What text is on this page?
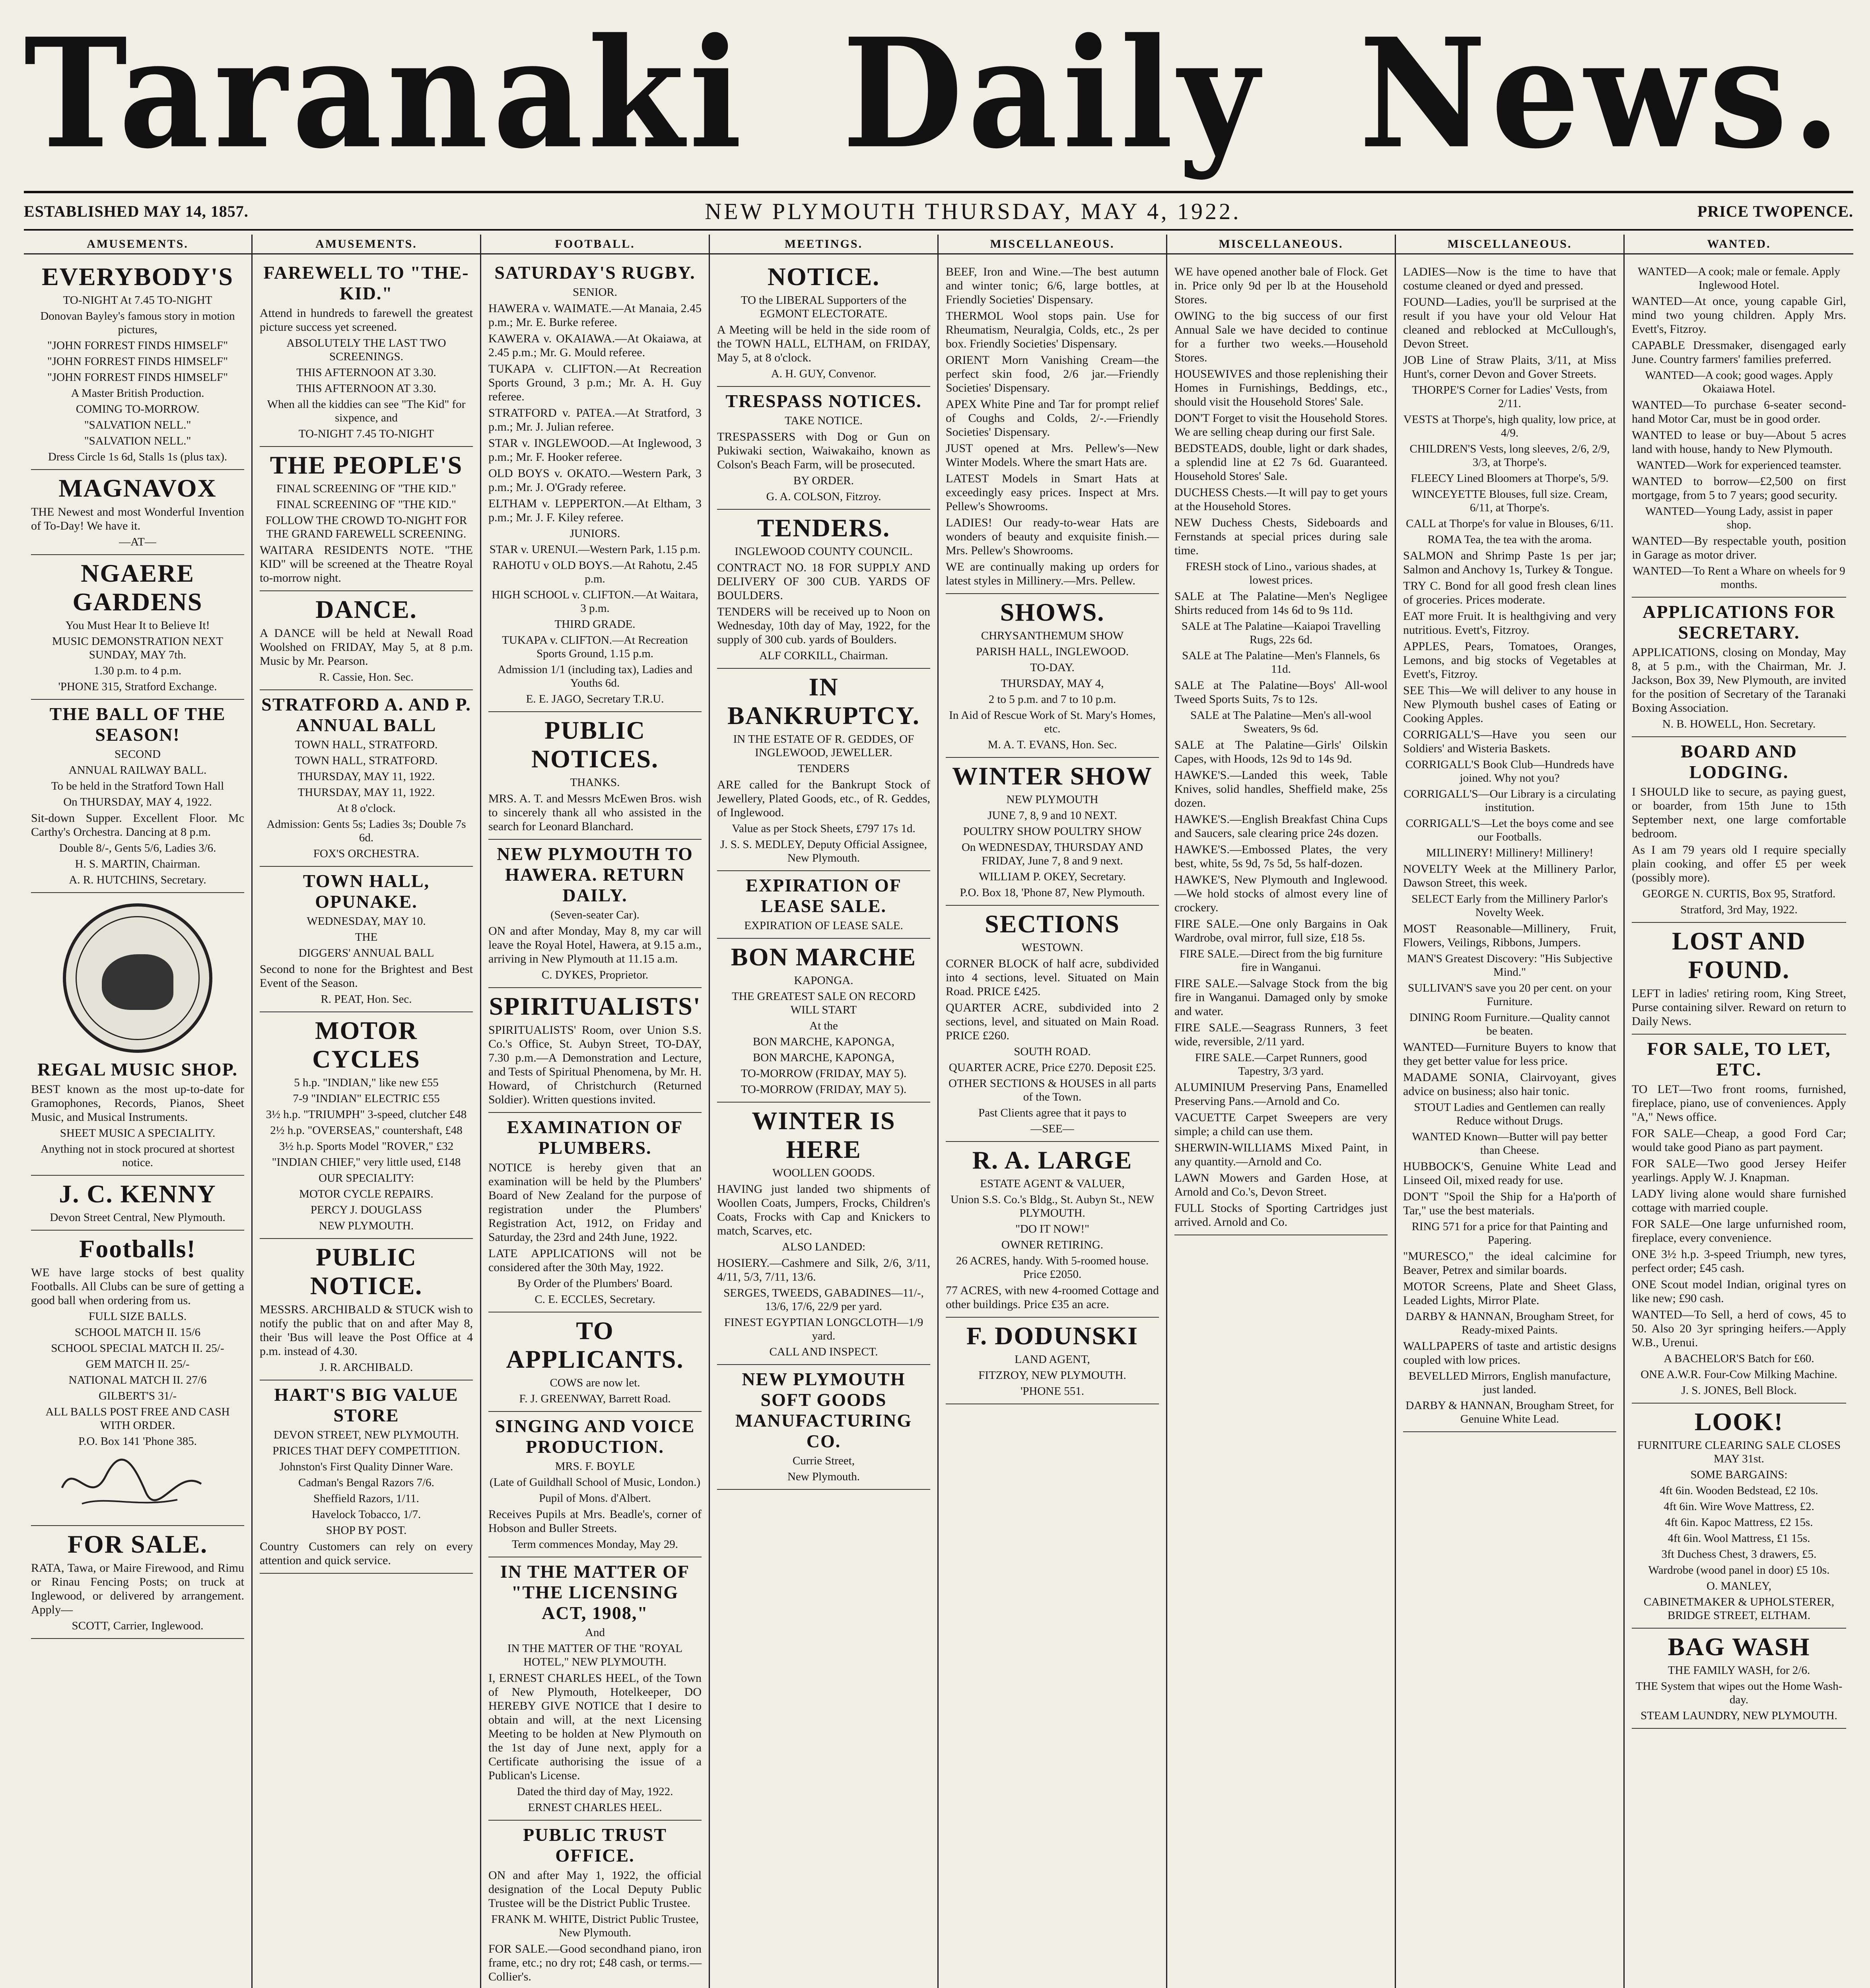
Taranaki Daily News.
ESTABLISHED MAY 14, 1857.	NEW PLYMOUTH THURSDAY, MAY 4, 1922.	PRICE TWOPENCE.
AMUSEMENTS.
EVERYBODY'S
TO-NIGHT At 7.45 TO-NIGHT
Donovan Bayley's famous story in motion pictures,
"JOHN FORREST FINDS HIMSELF"
"JOHN FORREST FINDS HIMSELF"
"JOHN FORREST FINDS HIMSELF"
A Master British Production.
COMING TO-MORROW.
"SALVATION NELL."
"SALVATION NELL."
Dress Circle 1s 6d, Stalls 1s (plus tax).
MAGNAVOX
THE Newest and most Wonderful Invention of To-Day! We have it.
—AT—
NGAERE GARDENS
You Must Hear It to Believe It!
MUSIC DEMONSTRATION NEXT SUNDAY, MAY 7th.
1.30 p.m. to 4 p.m.
'PHONE 315, Stratford Exchange.
THE BALL OF THE SEASON!
SECOND
ANNUAL RAILWAY BALL.
To be held in the Stratford Town Hall
On THURSDAY, MAY 4, 1922.
Sit-down Supper. Excellent Floor. Mc Carthy's Orchestra. Dancing at 8 p.m.
Double 8/-, Gents 5/6, Ladies 3/6.
H. S. MARTIN, Chairman.
A. R. HUTCHINS, Secretary.
REGAL MUSIC SHOP.
BEST known as the most up-to-date for Gramophones, Records, Pianos, Sheet Music, and Musical Instruments.
SHEET MUSIC A SPECIALITY.
Anything not in stock procured at shortest notice.
J. C. KENNY
Devon Street Central, New Plymouth.
Footballs!
WE have large stocks of best quality Footballs. All Clubs can be sure of getting a good ball when ordering from us.
FULL SIZE BALLS.
SCHOOL MATCH II. 15/6
SCHOOL SPECIAL MATCH II. 25/-
GEM MATCH II. 25/-
NATIONAL MATCH II. 27/6
GILBERT'S 31/-
ALL BALLS POST FREE AND CASH WITH ORDER.
P.O. Box 141 'Phone 385.
FOR SALE.
RATA, Tawa, or Maire Firewood, and Rimu or Rinau Fencing Posts; on truck at Inglewood, or delivered by arrangement. Apply—
SCOTT, Carrier, Inglewood.
AMUSEMENTS.
FAREWELL TO "THE-KID."
Attend in hundreds to farewell the greatest picture success yet screened.
ABSOLUTELY THE LAST TWO SCREENINGS.
THIS AFTERNOON AT 3.30.
THIS AFTERNOON AT 3.30.
When all the kiddies can see "The Kid" for sixpence, and
TO-NIGHT 7.45 TO-NIGHT
THE PEOPLE'S
FINAL SCREENING OF "THE KID."
FINAL SCREENING OF "THE KID."
FOLLOW THE CROWD TO-NIGHT FOR THE GRAND FAREWELL SCREENING.
WAITARA RESIDENTS NOTE. "THE KID" will be screened at the Theatre Royal to-morrow night.
DANCE.
A DANCE will be held at Newall Road Woolshed on FRIDAY, May 5, at 8 p.m. Music by Mr. Pearson.
R. Cassie, Hon. Sec.
STRATFORD A. AND P. ANNUAL BALL
TOWN HALL, STRATFORD.
TOWN HALL, STRATFORD.
THURSDAY, MAY 11, 1922.
THURSDAY, MAY 11, 1922.
At 8 o'clock.
Admission: Gents 5s; Ladies 3s; Double 7s 6d.
FOX'S ORCHESTRA.
TOWN HALL, OPUNAKE.
WEDNESDAY, MAY 10.
THE
DIGGERS' ANNUAL BALL
Second to none for the Brightest and Best Event of the Season.
R. PEAT, Hon. Sec.
MOTOR CYCLES
5 h.p. "INDIAN," like new £55
7-9 "INDIAN" ELECTRIC £55
3½ h.p. "TRIUMPH" 3-speed, clutcher £48
2½ h.p. "OVERSEAS," countershaft, £48
3½ h.p. Sports Model "ROVER," £32
"INDIAN CHIEF," very little used, £148
OUR SPECIALITY:
MOTOR CYCLE REPAIRS.
PERCY J. DOUGLASS
NEW PLYMOUTH.
PUBLIC NOTICE.
MESSRS. ARCHIBALD & STUCK wish to notify the public that on and after May 8, their 'Bus will leave the Post Office at 4 p.m. instead of 4.30.
J. R. ARCHIBALD.
HART'S BIG VALUE STORE
DEVON STREET, NEW PLYMOUTH.
PRICES THAT DEFY COMPETITION.
Johnston's First Quality Dinner Ware.
Cadman's Bengal Razors 7/6.
Sheffield Razors, 1/11.
Havelock Tobacco, 1/7.
SHOP BY POST.
Country Customers can rely on every attention and quick service.
FOOTBALL.
SATURDAY'S RUGBY.
SENIOR.
HAWERA v. WAIMATE.—At Manaia, 2.45 p.m.; Mr. E. Burke referee.
KAWERA v. OKAIAWA.—At Okaiawa, at 2.45 p.m.; Mr. G. Mould referee.
TUKAPA v. CLIFTON.—At Recreation Sports Ground, 3 p.m.; Mr. A. H. Guy referee.
STRATFORD v. PATEA.—At Stratford, 3 p.m.; Mr. J. Julian referee.
STAR v. INGLEWOOD.—At Inglewood, 3 p.m.; Mr. F. Hooker referee.
OLD BOYS v. OKATO.—Western Park, 3 p.m.; Mr. J. O'Grady referee.
ELTHAM v. LEPPERTON.—At Eltham, 3 p.m.; Mr. J. F. Kiley referee.
JUNIORS.
STAR v. URENUI.—Western Park, 1.15 p.m.
RAHOTU v OLD BOYS.—At Rahotu, 2.45 p.m.
HIGH SCHOOL v. CLIFTON.—At Waitara, 3 p.m.
THIRD GRADE.
TUKAPA v. CLIFTON.—At Recreation Sports Ground, 1.15 p.m.
Admission 1/1 (including tax), Ladies and Youths 6d.
E. E. JAGO, Secretary T.R.U.
PUBLIC NOTICES.
THANKS.
MRS. A. T. and Messrs McEwen Bros. wish to sincerely thank all who assisted in the search for Leonard Blanchard.
NEW PLYMOUTH TO HAWERA. RETURN DAILY.
(Seven-seater Car).
ON and after Monday, May 8, my car will leave the Royal Hotel, Hawera, at 9.15 a.m., arriving in New Plymouth at 11.15 a.m.
C. DYKES, Proprietor.
SPIRITUALISTS'
SPIRITUALISTS' Room, over Union S.S. Co.'s Office, St. Aubyn Street, TO-DAY, 7.30 p.m.—A Demonstration and Lecture, and Tests of Spiritual Phenomena, by Mr. H. Howard, of Christchurch (Returned Soldier). Written questions invited.
EXAMINATION OF PLUMBERS.
NOTICE is hereby given that an examination will be held by the Plumbers' Board of New Zealand for the purpose of registration under the Plumbers' Registration Act, 1912, on Friday and Saturday, the 23rd and 24th June, 1922.
LATE APPLICATIONS will not be considered after the 30th May, 1922.
By Order of the Plumbers' Board.
C. E. ECCLES, Secretary.
TO APPLICANTS.
COWS are now let.
F. J. GREENWAY, Barrett Road.
SINGING AND VOICE PRODUCTION.
MRS. F. BOYLE
(Late of Guildhall School of Music, London.)
Pupil of Mons. d'Albert.
Receives Pupils at Mrs. Beadle's, corner of Hobson and Buller Streets.
Term commences Monday, May 29.
IN THE MATTER OF "THE LICENSING ACT, 1908,"
And
IN THE MATTER OF THE "ROYAL HOTEL," NEW PLYMOUTH.
I, ERNEST CHARLES HEEL, of the Town of New Plymouth, Hotelkeeper, DO HEREBY GIVE NOTICE that I desire to obtain and will, at the next Licensing Meeting to be holden at New Plymouth on the 1st day of June next, apply for a Certificate authorising the issue of a Publican's License.
Dated the third day of May, 1922.
ERNEST CHARLES HEEL.
PUBLIC TRUST OFFICE.
ON and after May 1, 1922, the official designation of the Local Deputy Public Trustee will be the District Public Trustee.
FRANK M. WHITE, District Public Trustee, New Plymouth.
FOR SALE.—Good secondhand piano, iron frame, etc.; no dry rot; £48 cash, or terms.—Collier's.
MEETINGS.
NOTICE.
TO the LIBERAL Supporters of the EGMONT ELECTORATE.
A Meeting will be held in the side room of the TOWN HALL, ELTHAM, on FRIDAY, May 5, at 8 o'clock.
A. H. GUY, Convenor.
TRESPASS NOTICES.
TAKE NOTICE.
TRESPASSERS with Dog or Gun on Pukiwaki section, Waiwakaiho, known as Colson's Beach Farm, will be prosecuted.
BY ORDER.
G. A. COLSON, Fitzroy.
TENDERS.
INGLEWOOD COUNTY COUNCIL.
CONTRACT NO. 18 FOR SUPPLY AND DELIVERY OF 300 CUB. YARDS OF BOULDERS.
TENDERS will be received up to Noon on Wednesday, 10th day of May, 1922, for the supply of 300 cub. yards of Boulders.
ALF CORKILL, Chairman.
IN BANKRUPTCY.
IN THE ESTATE OF R. GEDDES, OF INGLEWOOD, JEWELLER.
TENDERS
ARE called for the Bankrupt Stock of Jewellery, Plated Goods, etc., of R. Geddes, of Inglewood.
Value as per Stock Sheets, £797 17s 1d.
J. S. S. MEDLEY, Deputy Official Assignee, New Plymouth.
EXPIRATION OF LEASE SALE.
EXPIRATION OF LEASE SALE.
BON MARCHE
KAPONGA.
THE GREATEST SALE ON RECORD WILL START
At the
BON MARCHE, KAPONGA,
BON MARCHE, KAPONGA,
TO-MORROW (FRIDAY, MAY 5).
TO-MORROW (FRIDAY, MAY 5).
WINTER IS HERE
WOOLLEN GOODS.
HAVING just landed two shipments of Woollen Coats, Jumpers, Frocks, Children's Coats, Frocks with Cap and Knickers to match, Scarves, etc.
ALSO LANDED:
HOSIERY.—Cashmere and Silk, 2/6, 3/11, 4/11, 5/3, 7/11, 13/6.
SERGES, TWEEDS, GABADINES—11/-, 13/6, 17/6, 22/9 per yard.
FINEST EGYPTIAN LONGCLOTH—1/9 yard.
CALL AND INSPECT.
NEW PLYMOUTH SOFT GOODS MANUFACTURING CO.
Currie Street,
New Plymouth.
MISCELLANEOUS.
BEEF, Iron and Wine.—The best autumn and winter tonic; 6/6, large bottles, at Friendly Societies' Dispensary.
THERMOL Wool stops pain. Use for Rheumatism, Neuralgia, Colds, etc., 2s per box. Friendly Societies' Dispensary.
ORIENT Morn Vanishing Cream—the perfect skin food, 2/6 jar.—Friendly Societies' Dispensary.
APEX White Pine and Tar for prompt relief of Coughs and Colds, 2/-.—Friendly Societies' Dispensary.
JUST opened at Mrs. Pellew's—New Winter Models. Where the smart Hats are.
LATEST Models in Smart Hats at exceedingly easy prices. Inspect at Mrs. Pellew's Showrooms.
LADIES! Our ready-to-wear Hats are wonders of beauty and exquisite finish.—Mrs. Pellew's Showrooms.
WE are continually making up orders for latest styles in Millinery.—Mrs. Pellew.
SHOWS.
CHRYSANTHEMUM SHOW
PARISH HALL, INGLEWOOD.
TO-DAY.
THURSDAY, MAY 4,
2 to 5 p.m. and 7 to 10 p.m.
In Aid of Rescue Work of St. Mary's Homes, etc.
M. A. T. EVANS, Hon. Sec.
WINTER SHOW
NEW PLYMOUTH
JUNE 7, 8, 9 and 10 NEXT.
POULTRY SHOW POULTRY SHOW
On WEDNESDAY, THURSDAY AND FRIDAY, June 7, 8 and 9 next.
WILLIAM P. OKEY, Secretary.
P.O. Box 18, 'Phone 87, New Plymouth.
SECTIONS
WESTOWN.
CORNER BLOCK of half acre, subdivided into 4 sections, level. Situated on Main Road. PRICE £425.
QUARTER ACRE, subdivided into 2 sections, level, and situated on Main Road. PRICE £260.
SOUTH ROAD.
QUARTER ACRE, Price £270. Deposit £25.
OTHER SECTIONS & HOUSES in all parts of the Town.
Past Clients agree that it pays to
—SEE—
R. A. LARGE
ESTATE AGENT & VALUER,
Union S.S. Co.'s Bldg., St. Aubyn St., NEW PLYMOUTH.
"DO IT NOW!"
OWNER RETIRING.
26 ACRES, handy. With 5-roomed house. Price £2050.
77 ACRES, with new 4-roomed Cottage and other buildings. Price £35 an acre.
F. DODUNSKI
LAND AGENT,
FITZROY, NEW PLYMOUTH.
'PHONE 551.
MISCELLANEOUS.
WE have opened another bale of Flock. Get in. Price only 9d per lb at the Household Stores.
OWING to the big success of our first Annual Sale we have decided to continue for a further two weeks.—Household Stores.
HOUSEWIVES and those replenishing their Homes in Furnishings, Beddings, etc., should visit the Household Stores' Sale.
DON'T Forget to visit the Household Stores. We are selling cheap during our first Sale.
BEDSTEADS, double, light or dark shades, a splendid line at £2 7s 6d. Guaranteed. Household Stores' Sale.
DUCHESS Chests.—It will pay to get yours at the Household Stores.
NEW Duchess Chests, Sideboards and Fernstands at special prices during sale time.
FRESH stock of Lino., various shades, at lowest prices.
SALE at The Palatine—Men's Negligee Shirts reduced from 14s 6d to 9s 11d.
SALE at The Palatine—Kaiapoi Travelling Rugs, 22s 6d.
SALE at The Palatine—Men's Flannels, 6s 11d.
SALE at The Palatine—Boys' All-wool Tweed Sports Suits, 7s to 12s.
SALE at The Palatine—Men's all-wool Sweaters, 9s 6d.
SALE at The Palatine—Girls' Oilskin Capes, with Hoods, 12s 9d to 14s 9d.
HAWKE'S.—Landed this week, Table Knives, solid handles, Sheffield make, 25s dozen.
HAWKE'S.—English Breakfast China Cups and Saucers, sale clearing price 24s dozen.
HAWKE'S.—Embossed Plates, the very best, white, 5s 9d, 7s 5d, 5s half-dozen.
HAWKE'S, New Plymouth and Inglewood.—We hold stocks of almost every line of crockery.
FIRE SALE.—One only Bargains in Oak Wardrobe, oval mirror, full size, £18 5s.
FIRE SALE.—Direct from the big furniture fire in Wanganui.
FIRE SALE.—Salvage Stock from the big fire in Wanganui. Damaged only by smoke and water.
FIRE SALE.—Seagrass Runners, 3 feet wide, reversible, 2/11 yard.
FIRE SALE.—Carpet Runners, good Tapestry, 3/3 yard.
ALUMINIUM Preserving Pans, Enamelled Preserving Pans.—Arnold and Co.
VACUETTE Carpet Sweepers are very simple; a child can use them.
SHERWIN-WILLIAMS Mixed Paint, in any quantity.—Arnold and Co.
LAWN Mowers and Garden Hose, at Arnold and Co.'s, Devon Street.
FULL Stocks of Sporting Cartridges just arrived. Arnold and Co.
MISCELLANEOUS.
LADIES—Now is the time to have that costume cleaned or dyed and pressed.
FOUND—Ladies, you'll be surprised at the result if you have your old Velour Hat cleaned and reblocked at McCullough's, Devon Street.
JOB Line of Straw Plaits, 3/11, at Miss Hunt's, corner Devon and Gover Streets.
THORPE'S Corner for Ladies' Vests, from 2/11.
VESTS at Thorpe's, high quality, low price, at 4/9.
CHILDREN'S Vests, long sleeves, 2/6, 2/9, 3/3, at Thorpe's.
FLEECY Lined Bloomers at Thorpe's, 5/9.
WINCEYETTE Blouses, full size. Cream, 6/11, at Thorpe's.
CALL at Thorpe's for value in Blouses, 6/11.
ROMA Tea, the tea with the aroma.
SALMON and Shrimp Paste 1s per jar; Salmon and Anchovy 1s, Turkey & Tongue.
TRY C. Bond for all good fresh clean lines of groceries. Prices moderate.
EAT more Fruit. It is healthgiving and very nutritious. Evett's, Fitzroy.
APPLES, Pears, Tomatoes, Oranges, Lemons, and big stocks of Vegetables at Evett's, Fitzroy.
SEE This—We will deliver to any house in New Plymouth bushel cases of Eating or Cooking Apples.
CORRIGALL'S—Have you seen our Soldiers' and Wisteria Baskets.
CORRIGALL'S Book Club—Hundreds have joined. Why not you?
CORRIGALL'S—Our Library is a circulating institution.
CORRIGALL'S—Let the boys come and see our Footballs.
MILLINERY! Millinery! Millinery!
NOVELTY Week at the Millinery Parlor, Dawson Street, this week.
SELECT Early from the Millinery Parlor's Novelty Week.
MOST Reasonable—Millinery, Fruit, Flowers, Veilings, Ribbons, Jumpers.
MAN'S Greatest Discovery: "His Subjective Mind."
SULLIVAN'S save you 20 per cent. on your Furniture.
DINING Room Furniture.—Quality cannot be beaten.
WANTED—Furniture Buyers to know that they get better value for less price.
MADAME SONIA, Clairvoyant, gives advice on business; also hair tonic.
STOUT Ladies and Gentlemen can really Reduce without Drugs.
WANTED Known—Butter will pay better than Cheese.
HUBBOCK'S, Genuine White Lead and Linseed Oil, mixed ready for use.
DON'T "Spoil the Ship for a Ha'porth of Tar," use the best materials.
RING 571 for a price for that Painting and Papering.
"MURESCO," the ideal calcimine for Beaver, Petrex and similar boards.
MOTOR Screens, Plate and Sheet Glass, Leaded Lights, Mirror Plate.
DARBY & HANNAN, Brougham Street, for Ready-mixed Paints.
WALLPAPERS of taste and artistic designs coupled with low prices.
BEVELLED Mirrors, English manufacture, just landed.
DARBY & HANNAN, Brougham Street, for Genuine White Lead.
WANTED.
WANTED—A cook; male or female. Apply Inglewood Hotel.
WANTED—At once, young capable Girl, mind two young children. Apply Mrs. Evett's, Fitzroy.
CAPABLE Dressmaker, disengaged early June. Country farmers' families preferred.
WANTED—A cook; good wages. Apply Okaiawa Hotel.
WANTED—To purchase 6-seater second-hand Motor Car, must be in good order.
WANTED to lease or buy—About 5 acres land with house, handy to New Plymouth.
WANTED—Work for experienced teamster.
WANTED to borrow—£2,500 on first mortgage, from 5 to 7 years; good security.
WANTED—Young Lady, assist in paper shop.
WANTED—By respectable youth, position in Garage as motor driver.
WANTED—To Rent a Whare on wheels for 9 months.
APPLICATIONS FOR SECRETARY.
APPLICATIONS, closing on Monday, May 8, at 5 p.m., with the Chairman, Mr. J. Jackson, Box 39, New Plymouth, are invited for the position of Secretary of the Taranaki Boxing Association.
N. B. HOWELL, Hon. Secretary.
BOARD AND LODGING.
I SHOULD like to secure, as paying guest, or boarder, from 15th June to 15th September next, one large comfortable bedroom.
As I am 79 years old I require specially plain cooking, and offer £5 per week (possibly more).
GEORGE N. CURTIS, Box 95, Stratford.
Stratford, 3rd May, 1922.
LOST AND FOUND.
LEFT in ladies' retiring room, King Street, Purse containing silver. Reward on return to Daily News.
FOR SALE, TO LET, ETC.
TO LET—Two front rooms, furnished, fireplace, piano, use of conveniences. Apply "A," News office.
FOR SALE—Cheap, a good Ford Car; would take good Piano as part payment.
FOR SALE—Two good Jersey Heifer yearlings. Apply W. J. Knapman.
LADY living alone would share furnished cottage with married couple.
FOR SALE—One large unfurnished room, fireplace, every convenience.
ONE 3½ h.p. 3-speed Triumph, new tyres, perfect order; £45 cash.
ONE Scout model Indian, original tyres on like new; £90 cash.
WANTED—To Sell, a herd of cows, 45 to 50. Also 20 3yr springing heifers.—Apply W.B., Urenui.
A BACHELOR'S Batch for £60.
ONE A.W.R. Four-Cow Milking Machine.
J. S. JONES, Bell Block.
LOOK!
FURNITURE CLEARING SALE CLOSES MAY 31st.
SOME BARGAINS:
4ft 6in. Wooden Bedstead, £2 10s.
4ft 6in. Wire Wove Mattress, £2.
4ft 6in. Kapoc Mattress, £2 15s.
4ft 6in. Wool Mattress, £1 15s.
3ft Duchess Chest, 3 drawers, £5.
Wardrobe (wood panel in door) £5 10s.
O. MANLEY,
CABINETMAKER & UPHOLSTERER, BRIDGE STREET, ELTHAM.
BAG WASH
THE FAMILY WASH, for 2/6.
THE System that wipes out the Home Wash-day.
STEAM LAUNDRY, NEW PLYMOUTH.
